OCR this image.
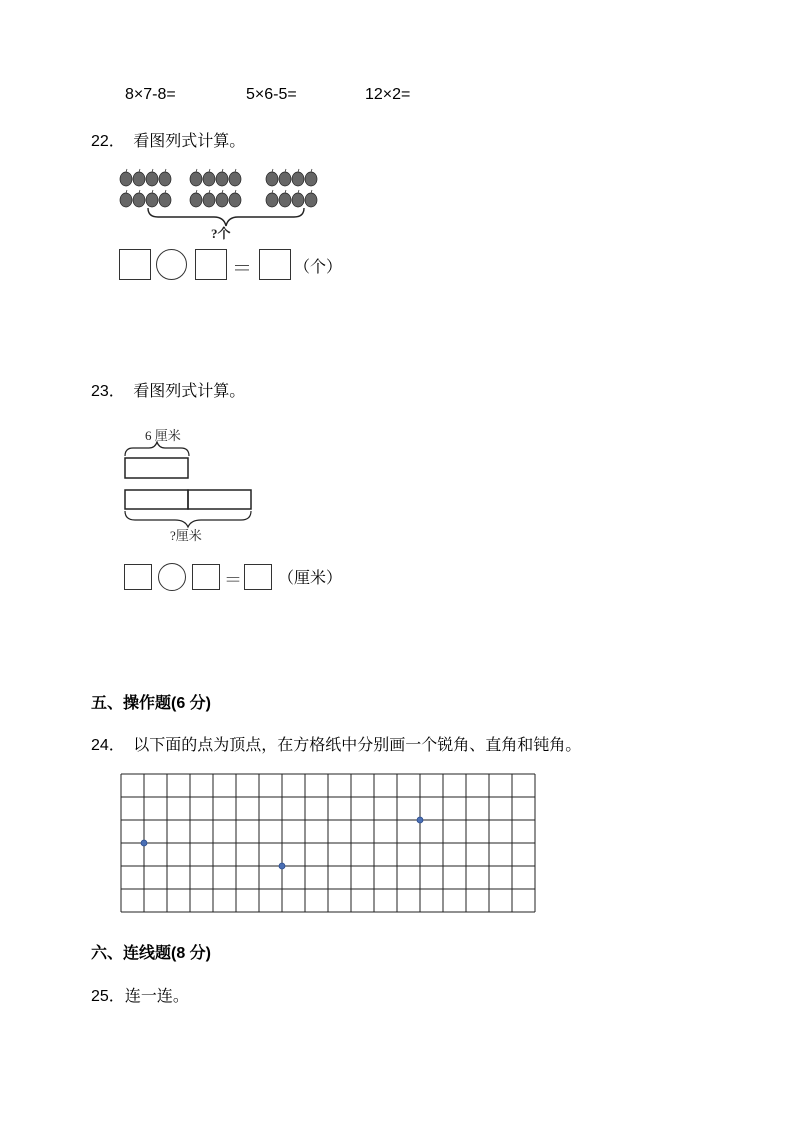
8×7-8=	5×6-5=	12×2=
22． 看图列式计算。
?个
＝	（个）
23． 看图列式计算。
6 厘米
?厘米
＝ （厘米）
五、操作题(6 分)
24． 以下面的点为顶点，在方格纸中分别画一个锐角、直角和钝角。
六、连线题(8 分)
25．连一连。
